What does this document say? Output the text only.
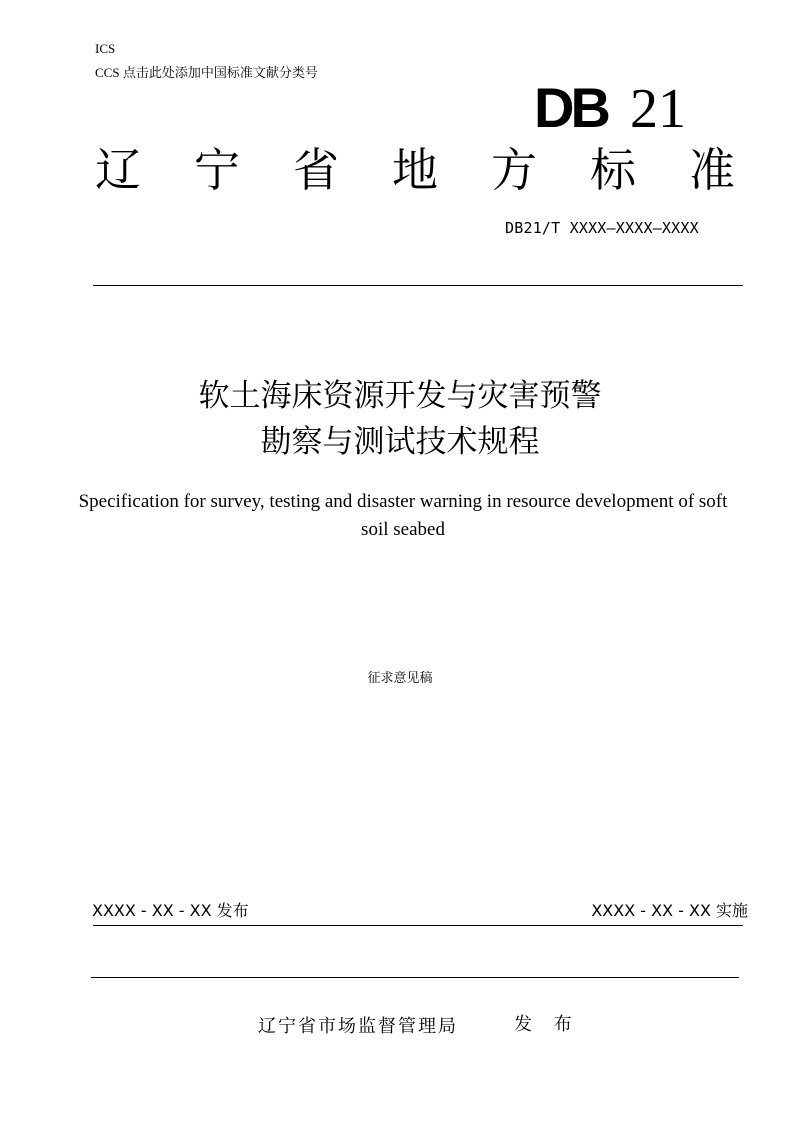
ICS
CCS 点击此处添加中国标准文献分类号
DB 21
辽 宁 省 地 方 标 准
DB21/T XXXX—XXXX—XXXX
软土海床资源开发与灾害预警
勘察与测试技术规程
Specification for survey, testing and disaster warning in resource development of soft soil seabed
征求意见稿
XXXX - XX - XX 发布	XXXX - XX - XX 实施
辽宁省市场监督管理局	发 布
